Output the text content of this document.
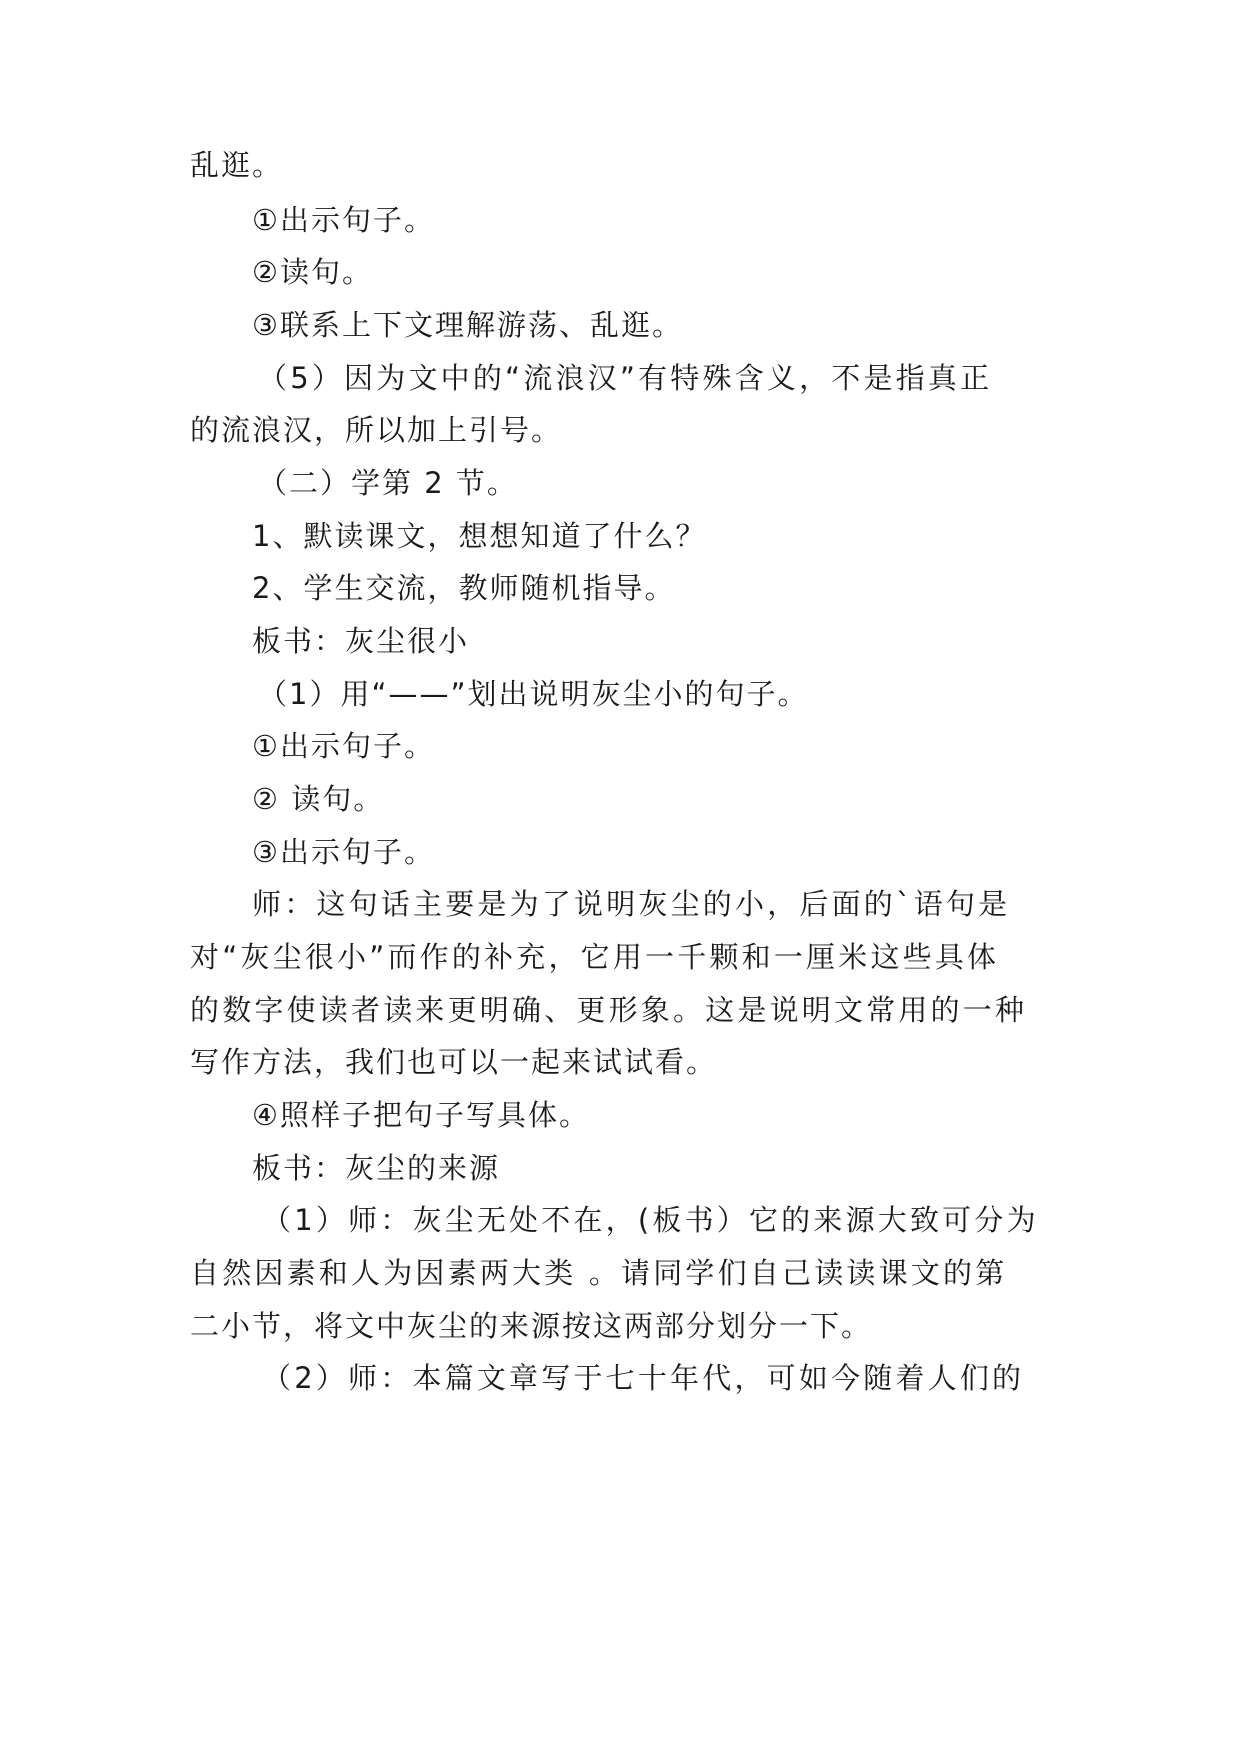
乱逛。
①出示句子。
②读句。
③联系上下文理解游荡、乱逛。
（5）因为文中的“流浪汉”有特殊含义，不是指真正
的流浪汉，所以加上引号。
（二）学第 2 节。
1、默读课文，想想知道了什么？
2、学生交流，教师随机指导。
板书：灰尘很小
（1）用“——”划出说明灰尘小的句子。
①出示句子。
② 读句。
③出示句子。
师：这句话主要是为了说明灰尘的小，后面的`语句是
对“灰尘很小”而作的补充，它用一千颗和一厘米这些具体
的数字使读者读来更明确、更形象。这是说明文常用的一种
写作方法，我们也可以一起来试试看。
④照样子把句子写具体。
板书：灰尘的来源
（1）师：灰尘无处不在，(板书）它的来源大致可分为
自然因素和人为因素两大类 。请同学们自己读读课文的第
二小节，将文中灰尘的来源按这两部分划分一下。
（2）师：本篇文章写于七十年代，可如今随着人们的
